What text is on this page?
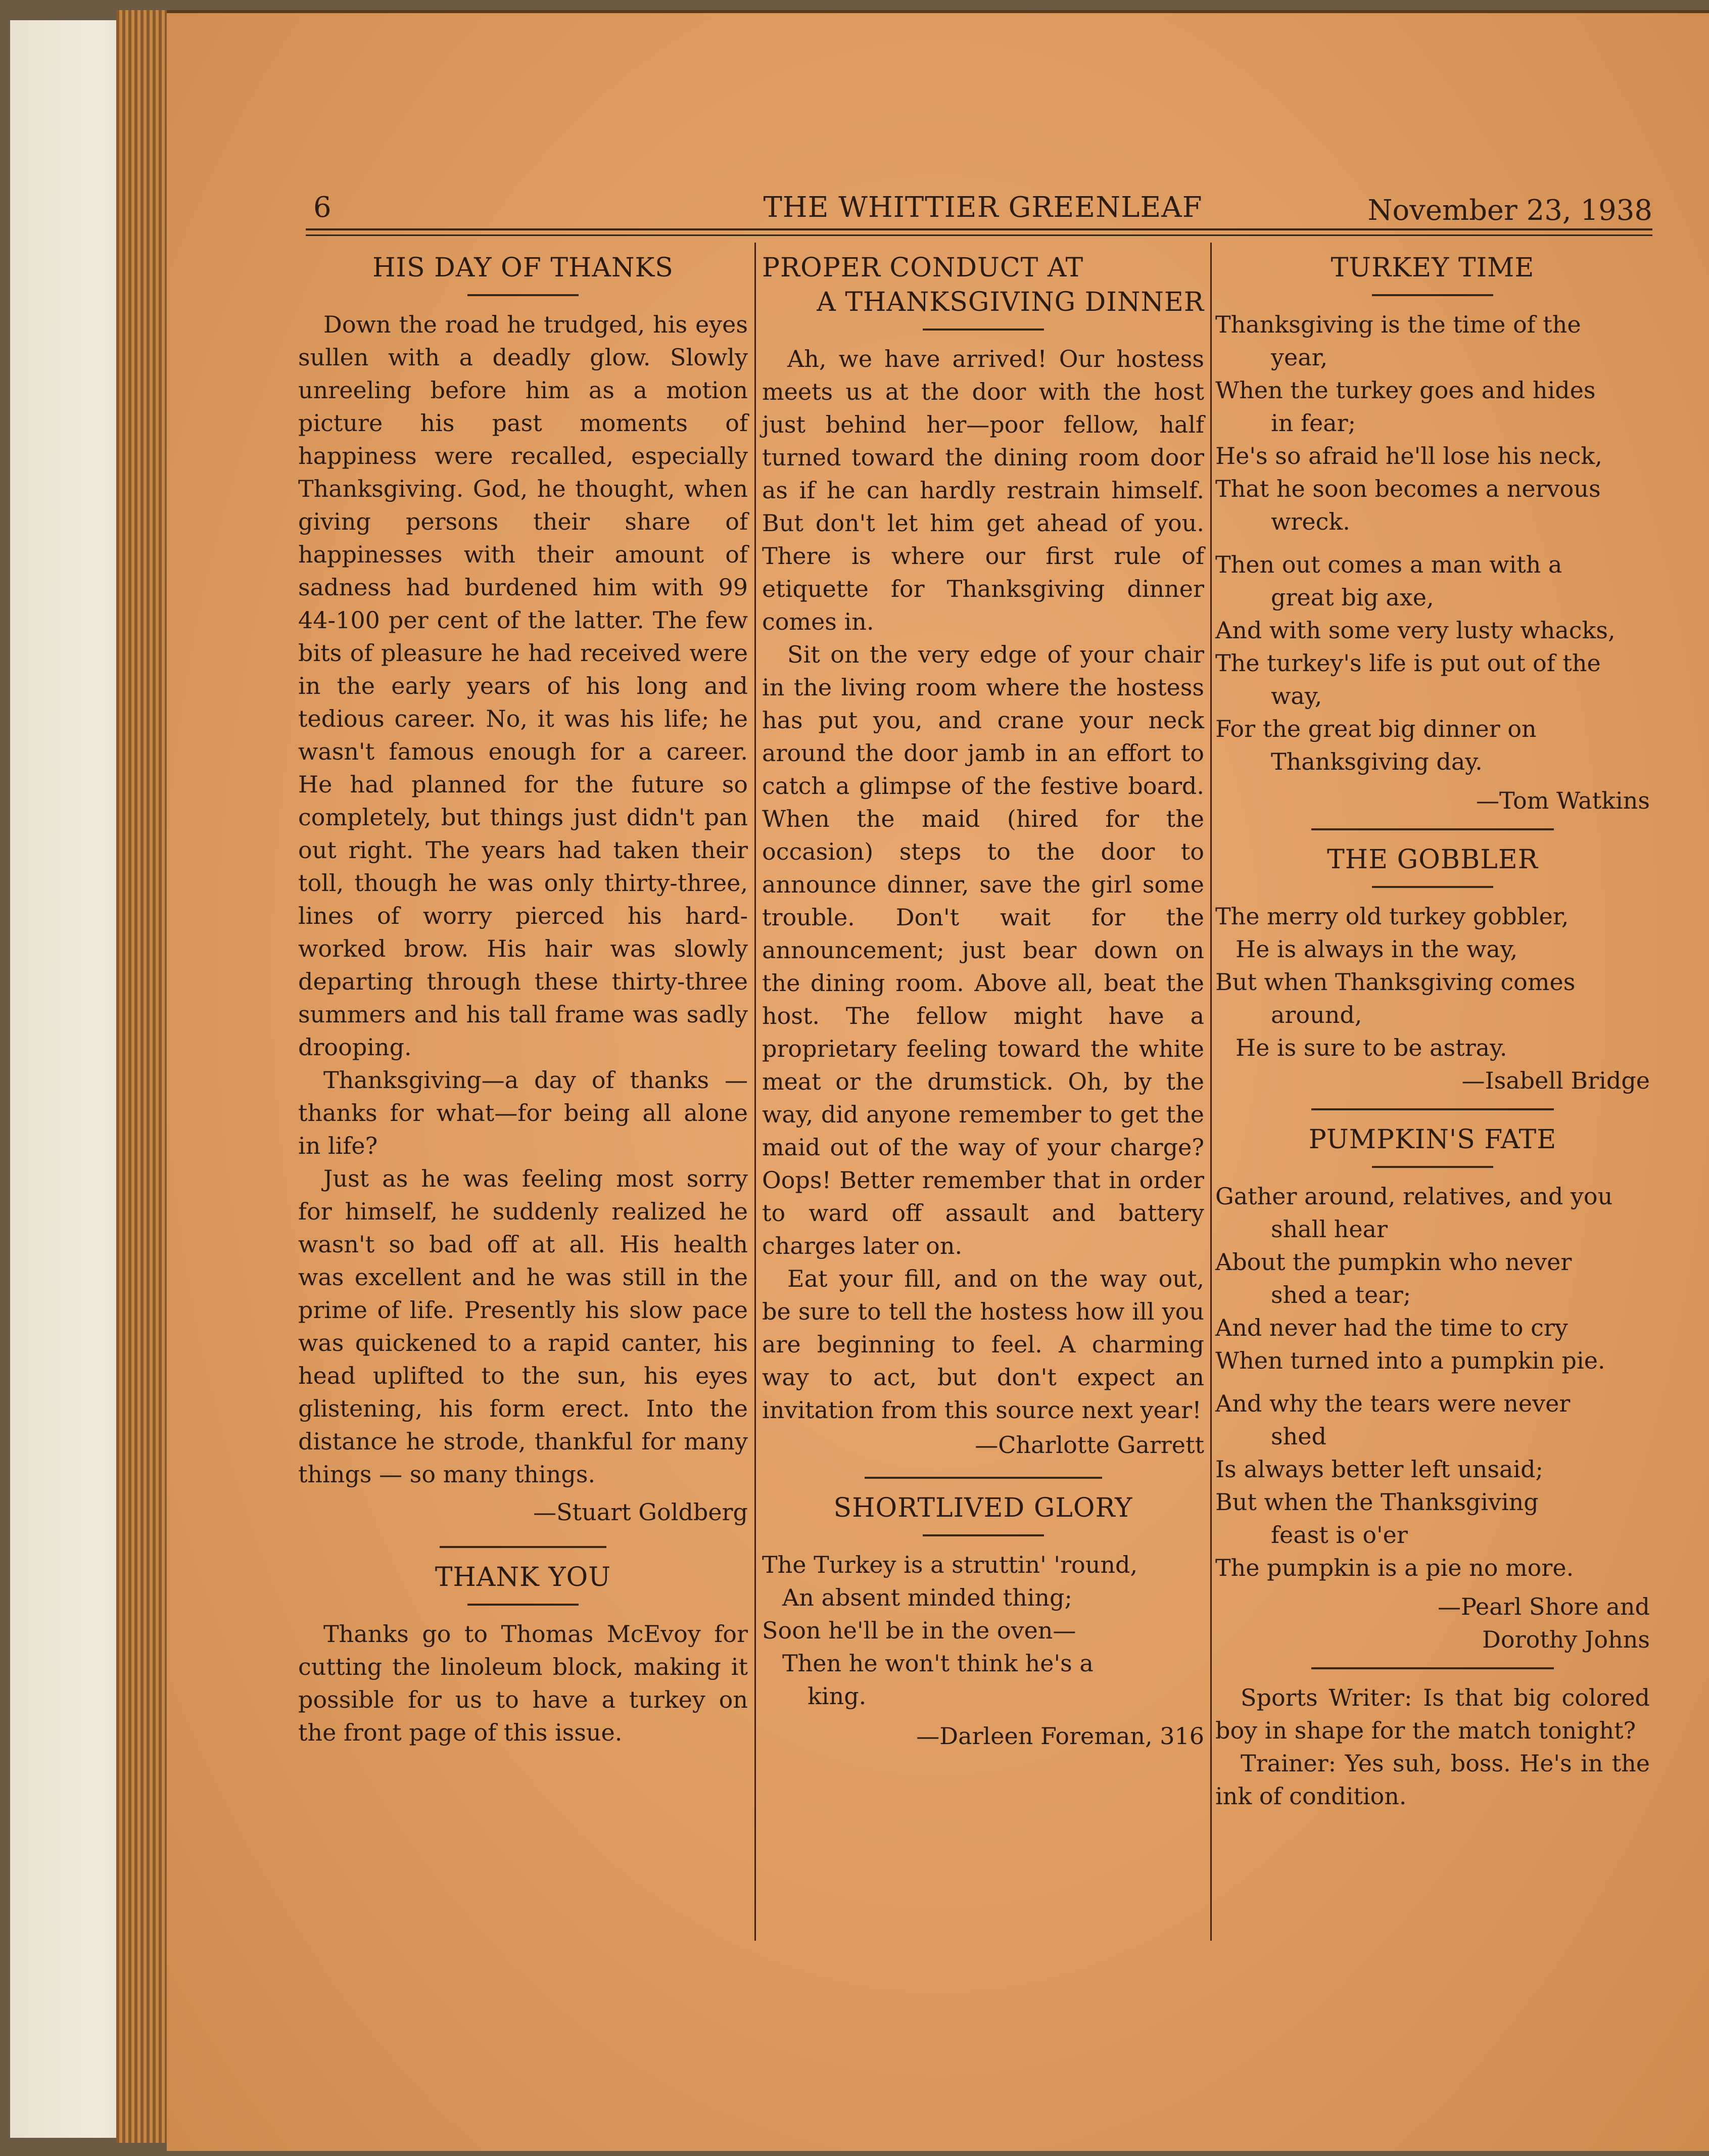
6	THE WHITTIER GREENLEAF	November 23, 1938
HIS DAY OF THANKS

Down the road he trudged, his eyes sullen with a deadly glow. Slowly unreeling before him as a motion picture his past moments of happiness were recalled, especially Thanksgiving. God, he thought, when giving persons their share of happinesses with their amount of sadness had burdened him with 99 44-100 per cent of the latter. The few bits of pleasure he had received were in the early years of his long and tedious career. No, it was his life; he wasn't famous enough for a career. He had planned for the future so completely, but things just didn't pan out right. The years had taken their toll, though he was only thirty-three, lines of worry pierced his hard-worked brow. His hair was slowly departing through these thirty-three summers and his tall frame was sadly drooping.

Thanksgiving—a day of thanks —thanks for what—for being all alone in life?

Just as he was feeling most sorry for himself, he suddenly realized he wasn't so bad off at all. His health was excellent and he was still in the prime of life. Presently his slow pace was quickened to a rapid canter, his head uplifted to the sun, his eyes glistening, his form erect. Into the distance he strode, thankful for many things — so many things.

—Stuart Goldberg
THANK YOU

Thanks go to Thomas McEvoy for cutting the linoleum block, making it possible for us to have a turkey on the front page of this issue.

PROPER CONDUCT AT
A THANKSGIVING DINNER

Ah, we have arrived! Our hostess meets us at the door with the host just behind her—poor fellow, half turned toward the dining room door as if he can hardly restrain himself. But don't let him get ahead of you. There is where our first rule of etiquette for Thanksgiving dinner comes in.

Sit on the very edge of your chair in the living room where the hostess has put you, and crane your neck around the door jamb in an effort to catch a glimpse of the festive board. When the maid (hired for the occasion) steps to the door to announce dinner, save the girl some trouble. Don't wait for the announcement; just bear down on the dining room. Above all, beat the host. The fellow might have a proprietary feeling toward the white meat or the drumstick. Oh, by the way, did anyone remember to get the maid out of the way of your charge? Oops! Better remember that in order to ward off assault and battery charges later on.

Eat your fill, and on the way out, be sure to tell the hostess how ill you are beginning to feel. A charming way to act, but don't expect an invitation from this source next year!

—Charlotte Garrett
SHORTLIVED GLORY
The Turkey is a struttin' 'round,
An absent minded thing;
Soon he'll be in the oven—
Then he won't think he's a
king.
—Darleen Foreman, 316
TURKEY TIME
Thanksgiving is the time of the
year,
When the turkey goes and hides
in fear;
He's so afraid he'll lose his neck,
That he soon becomes a nervous
wreck.
Then out comes a man with a
great big axe,
And with some very lusty whacks,
The turkey's life is put out of the
way,
For the great big dinner on
Thanksgiving day.
—Tom Watkins
THE GOBBLER
The merry old turkey gobbler,
He is always in the way,
But when Thanksgiving comes
around,
He is sure to be astray.
—Isabell Bridge
PUMPKIN'S FATE
Gather around, relatives, and you
shall hear
About the pumpkin who never
shed a tear;
And never had the time to cry
When turned into a pumpkin pie.
And why the tears were never
shed
Is always better left unsaid;
But when the Thanksgiving
feast is o'er
The pumpkin is a pie no more.
—Pearl Shore and
Dorothy Johns

Sports Writer: Is that big colored boy in shape for the match tonight?

Trainer: Yes suh, boss. He's in the ink of condition.
